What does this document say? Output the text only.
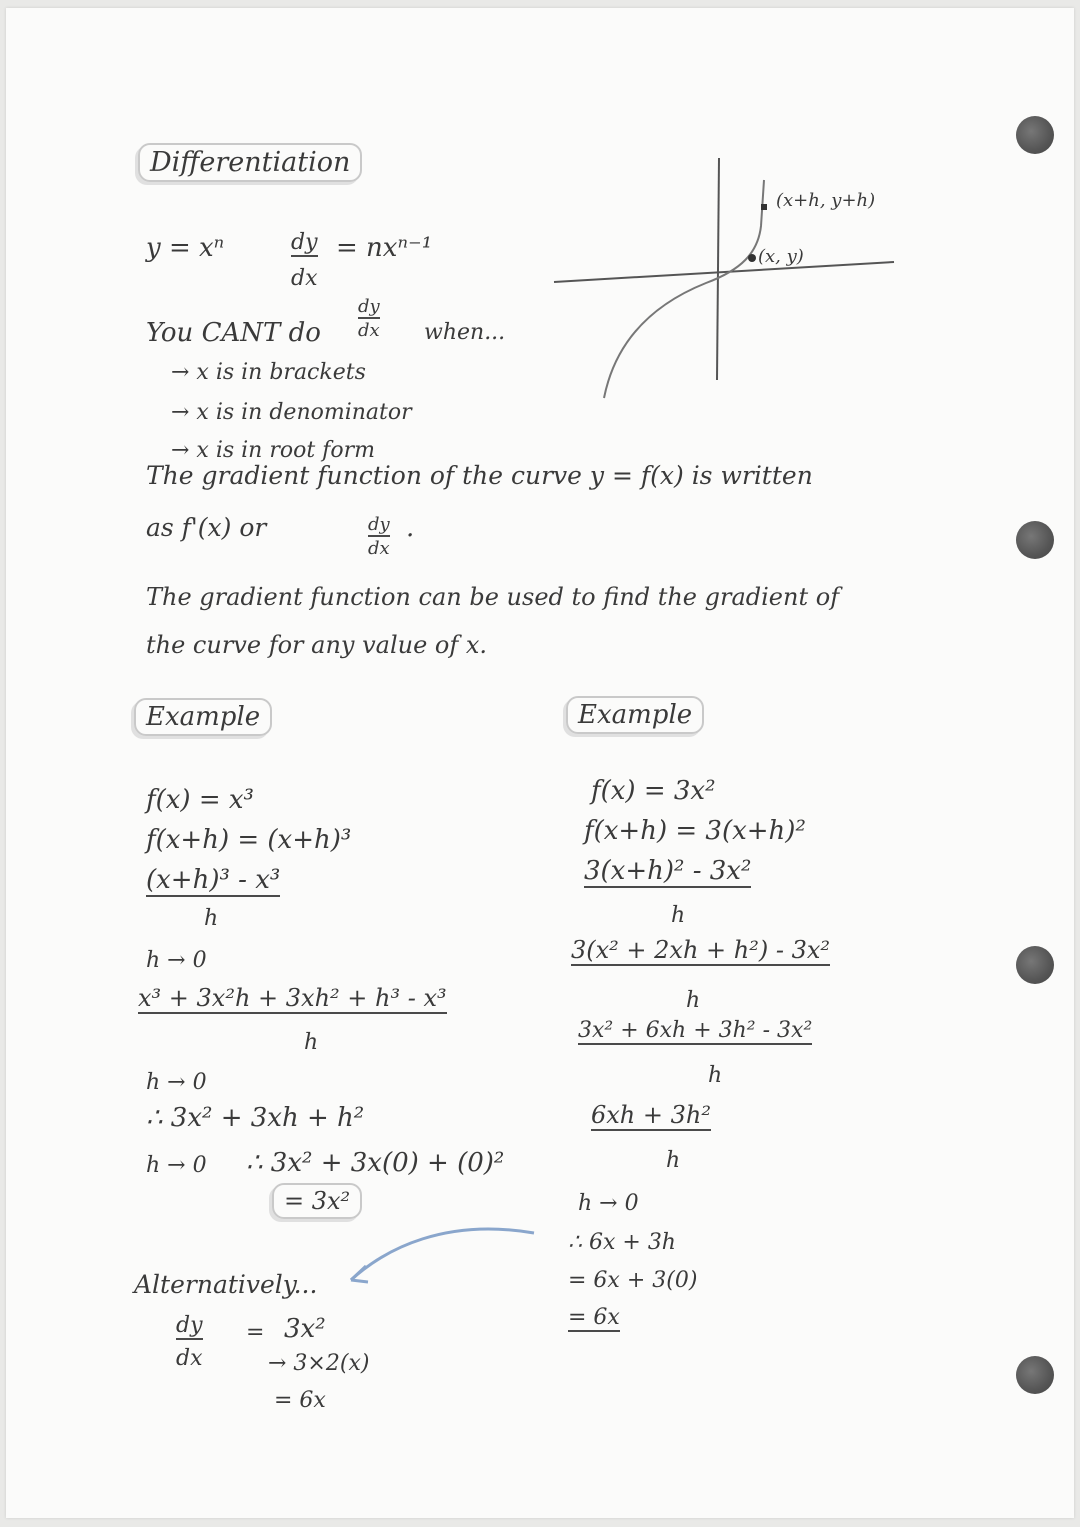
Differentiation
y = xⁿ	dy
dx
= nxⁿ⁻¹
You CANT do
dy
dx when...
→ x is in brackets
→ x is in denominator
→ x is in root form
(x, y)
(x+h, y+h)
The gradient function of the curve y = f(x) is written
as f'(x) or	dy
dx
.
The gradient function can be used to find the gradient of
the curve for any value of x.
Example
f(x) = x³
f(x+h) = (x+h)³
(x+h)³ - x³
h
h → 0
x³ + 3x²h + 3xh² + h³ - x³
h
h → 0
∴ 3x² + 3xh + h²
h → 0 ∴ 3x² + 3x(0) + (0)²
= 3x²
Alternatively...
dy
dx
= 3x²
→ 3×2(x)
= 6x
Example
f(x) = 3x²
f(x+h) = 3(x+h)²
3(x+h)² - 3x²
h
3(x² + 2xh + h²) - 3x²
h
3x² + 6xh + 3h² - 3x²
h
6xh + 3h²
h
h → 0
∴ 6x + 3h
= 6x + 3(0)
= 6x
